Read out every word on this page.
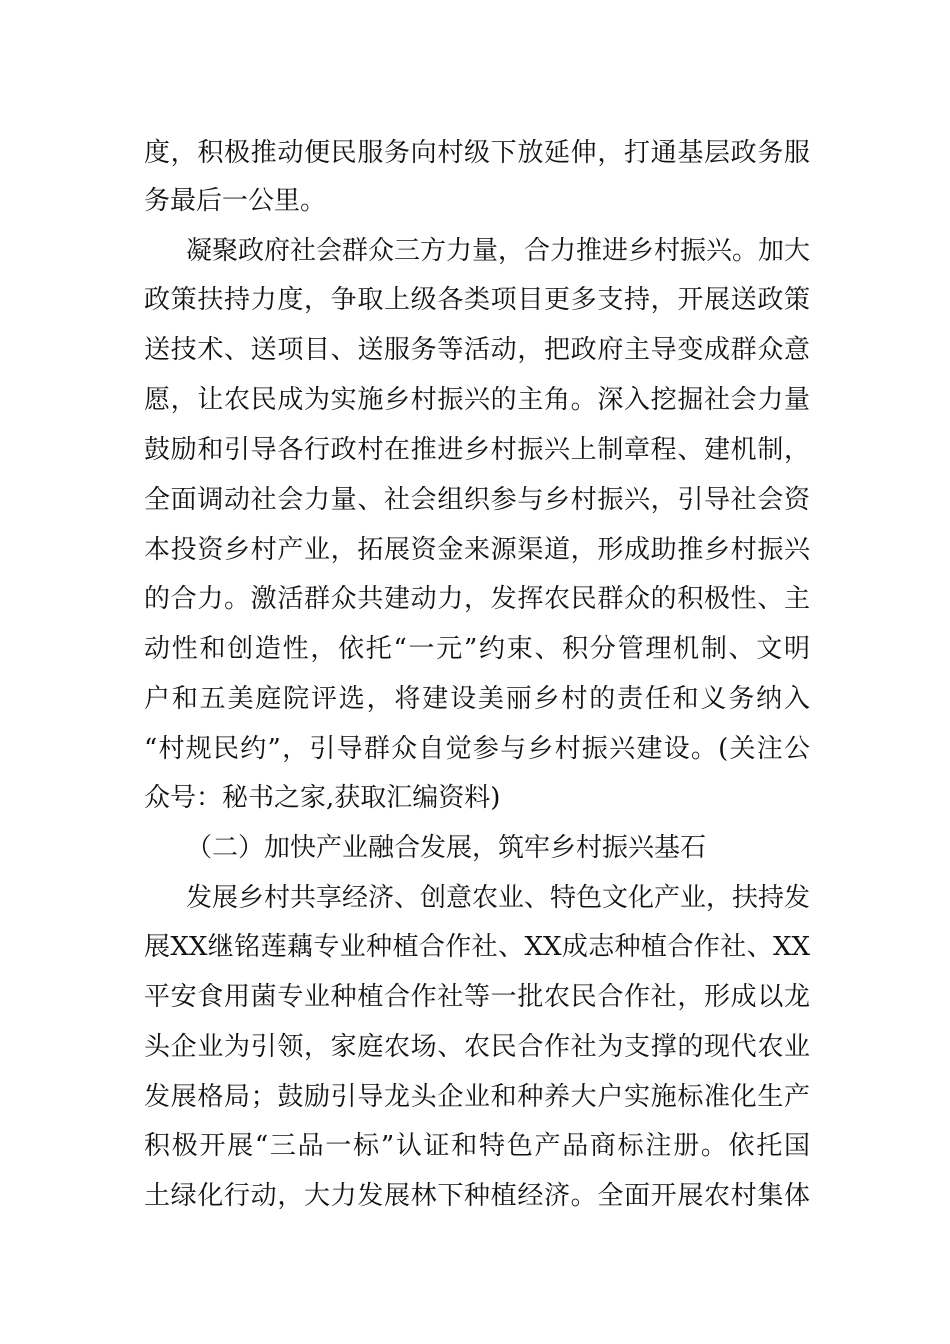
度，积极推动便民服务向村级下放延伸，打通基层政务服
务最后一公里。
凝聚政府社会群众三方力量，合力推进乡村振兴。加大
政策扶持力度，争取上级各类项目更多支持，开展送政策
送技术、送项目、送服务等活动，把政府主导变成群众意
愿，让农民成为实施乡村振兴的主角。深入挖掘社会力量
鼓励和引导各行政村在推进乡村振兴上制章程、建机制，
全面调动社会力量、社会组织参与乡村振兴，引导社会资
本投资乡村产业，拓展资金来源渠道，形成助推乡村振兴
的合力。激活群众共建动力，发挥农民群众的积极性、主
动性和创造性，依托“一元”约束、积分管理机制、文明
户和五美庭院评选，将建设美丽乡村的责任和义务纳入
“村规民约”，引导群众自觉参与乡村振兴建设。(关注公
众号：秘书之家,获取汇编资料)
（二）加快产业融合发展，筑牢乡村振兴基石
发展乡村共享经济、创意农业、特色文化产业，扶持发
展XX继铭莲藕专业种植合作社、XX成志种植合作社、XX
平安食用菌专业种植合作社等一批农民合作社，形成以龙
头企业为引领，家庭农场、农民合作社为支撑的现代农业
发展格局；鼓励引导龙头企业和种养大户实施标准化生产
积极开展“三品一标”认证和特色产品商标注册。依托国
土绿化行动，大力发展林下种植经济。全面开展农村集体
